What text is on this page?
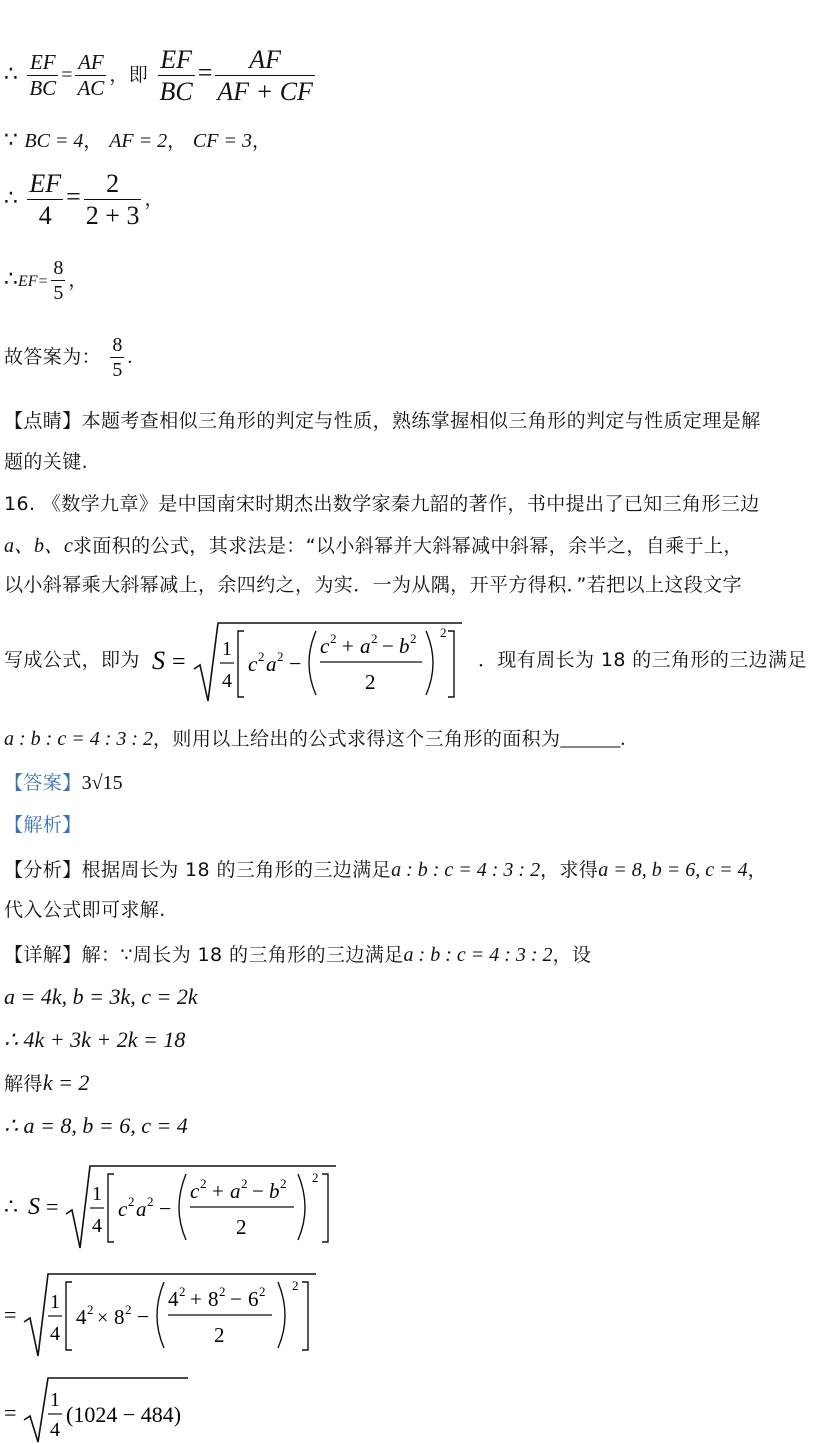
∴ $\frac{EF}{BC} = \frac{AF}{AC}$ ，即 $\frac{EF}{BC} = \frac{AF}{AF + CF}$
∵ BC = 4， AF = 2， CF = 3，
∴ $\frac{EF}{4} = \frac{2}{2 + 3}$ ，
∴EF= $\frac{8}{5}$ ，
故答案为： $\frac{8}{5}$ .
【点睛】本题考查相似三角形的判定与性质，熟练掌握相似三角形的判定与性质定理是解
题的关键.
16. 《数学九章》是中国南宋时期杰出数学家秦九韶的著作，书中提出了已知三角形三边
a、b、c求面积的公式，其求法是：“以小斜幂并大斜幂减中斜幂，余半之，自乘于上，
以小斜幂乘大斜幂减上，余四约之，为实．一为从隅，开平方得积．”若把以上这段文字
写成公式，即为 S = 1
4
c 2 a 2 −
c 2 + a 2 − b 2
2
2
．现有周长为 18 的三角形的三边满足
a : b : c = 4 : 3 : 2，则用以上给出的公式求得这个三角形的面积为______.
【答案】3√15
【解析】
【分析】根据周长为 18 的三角形的三边满足a : b : c = 4 : 3 : 2，求得a = 8, b = 6, c = 4，
代入公式即可求解.
【详解】解：∵周长为 18 的三角形的三边满足a : b : c = 4 : 3 : 2，设
a = 4k, b = 3k, c = 2k
∴ 4k + 3k + 2k = 18
解得k = 2
∴ a = 8, b = 6, c = 4
∴ S = 1
4
c 2 a 2 −
c 2 + a 2 − b 2
2
2
= 1
4
4 2 × 8 2 −
4 2 + 8 2 − 6 2
2
2
= 1
4
(1024 − 484)
